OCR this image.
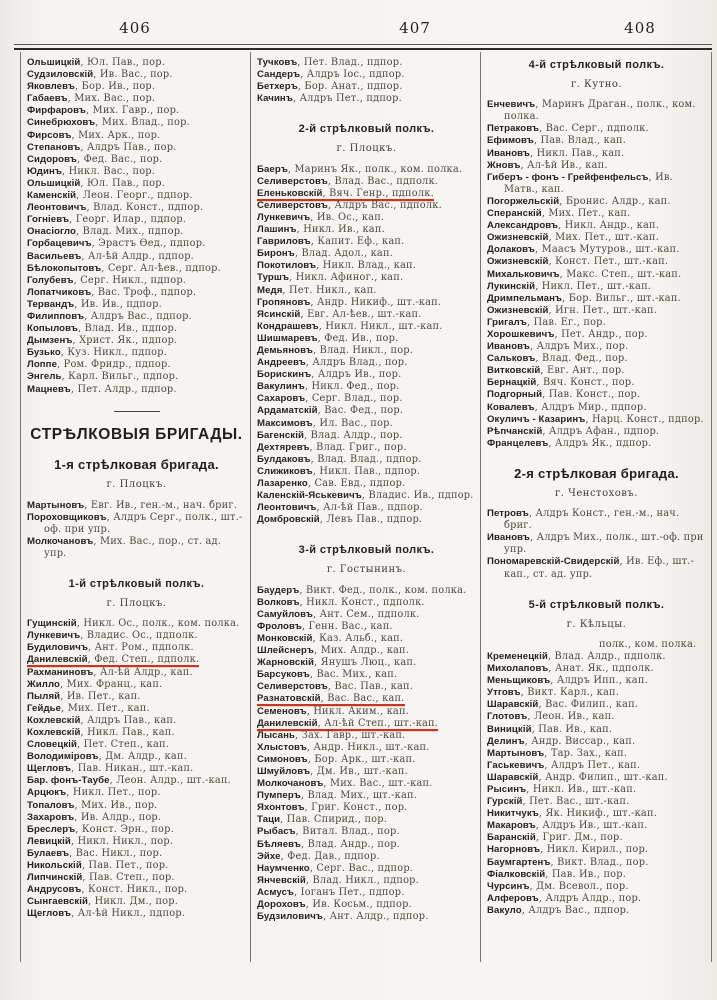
406	407	408
Ольшицкій, Юл. Пав., пор.
Судзиловскій, Ив. Вас., пор.
Яковлевъ, Бор. Ив., пор.
Габаевъ, Мих. Вас., пор.
Фирфаровъ, Мих. Гавр., пор.
Синебрюховъ, Мих. Влад., пор.
Фирсовъ, Мих. Арк., пор.
Степановъ, Алдръ Пав., пор.
Сидоровъ, Фед. Вас., пор.
Юдинъ, Никл. Вас., пор.
Ольшицкій, Юл. Пав., пор.
Каменскій, Леон. Георг., пдпор.
Леонтовичъ, Влад. Конст., пдпор.
Гогніевъ, Георг. Илар., пдпор.
Онасіогло, Влад. Мих., пдпор.
Горбацевичъ, Эрастъ Ѳед., пдпор.
Васильевъ, Ал-ѣй Алдр., пдпор.
Бѣлокопытовъ, Серг. Ал-ѣев., пдпор.
Голубевъ, Серг. Никл., пдпор.
Лопатчиковъ, Вас. Троф., пдпор.
Тервандъ, Ив. Ив., пдпор.
Филипповъ, Алдръ Вас., пдпор.
Копыловъ, Влад. Ив., пдпор.
Дымзенъ, Христ. Як., пдпор.
Бузько, Куз. Никл., пдпор.
Лоппе, Ром. Фридр., пдпор.
Энгель, Карл. Вильг., пдпор.
Мацневъ, Пет. Алдр., пдпор.
СТРѢЛКОВЫЯ БРИГАДЫ.
1-я стрѣлковая бригада.
г. Плоцкъ.
Мартыновъ, Евг. Ив., ген.-м., нач. бриг.
Пороховщиковъ, Алдръ Серг., полк., шт.-оф. при упр.
Молкочановъ, Мих. Вас., пор., ст. ад. упр.
1-й стрѣлковый полкъ.
г. Плоцкъ.
Гущинскій, Никл. Ос., полк., ком. полка.
Лункевичъ, Владис. Ос., пдполк.
Будиловичъ, Ант. Ром., пдполк.
Данилевскій, Фед. Степ., пдполк.
Рахманиновъ, Ал-ѣй Алдр., кап.
Жилло, Мих. Франц., кап.
Пыляй, Ив. Пет., кап.
Гейдье, Мих. Пет., кап.
Кохлевскій, Алдръ Пав., кап.
Кохлевскій, Никл. Пав., кап.
Словецкій, Пет. Степ., кап.
Володиміровъ, Дм. Алдр., кап.
Щегловъ, Пав. Никан., шт.-кап.
Бар. фонъ-Таубе, Леон. Алдр., шт.-кап.
Арцюкъ, Никл. Пет., пор.
Топаловъ, Мих. Ив., пор.
Захаровъ, Ив. Алдр., пор.
Бреслеръ, Конст. Эрн., пор.
Левицкій, Никл. Никл., пор.
Булаевъ, Вас. Никл., пор.
Никольскій, Пав. Пет., пор.
Липчинскій, Пав. Степ., пор.
Андрусовъ, Конст. Никл., пор.
Сынгаевскій, Никл. Дм., пор.
Щегловъ, Ал-ѣй Никл., пдпор.
Тучковъ, Пет. Влад., пдпор.
Сандеръ, Алдръ Іос., пдпор.
Бетхеръ, Бор. Анат., пдпор.
Качинъ, Алдръ Пет., пдпор.
2-й стрѣлковый полкъ.
г. Плоцкъ.
Баеръ, Маринъ Як., полк., ком. полка.
Селиверстовъ, Влад. Вас., пдполк.
Еленьковскій, Вяч. Генр., пдполк.
Селиверстовъ, Алдръ Вас., пдполк.
Лункевичъ, Ив. Ос., кап.
Лашинъ, Никл. Ив., кап.
Гавриловъ, Капит. Еф., кап.
Биронъ, Влад. Адол., кап.
Покотиловъ, Никл. Влад., кап.
Туршъ, Никл. Афиног., кап.
Медя, Пет. Никл., кап.
Гропяновъ, Андр. Никиф., шт.-кап.
Ясинскій, Евг. Ал-ѣев., шт.-кап.
Кондрашевъ, Никл. Никл., шт.-кап.
Шишмаревъ, Фед. Ив., пор.
Демьяновъ, Влад. Никл., пор.
Андреевъ, Алдръ Влад., пор.
Борискинъ, Алдръ Ив., пор.
Вакулинъ, Никл. Фед., пор.
Сахаровъ, Серг. Влад., пор.
Ардаматскій, Вас. Фед., пор.
Максимовъ, Ил. Вас., пор.
Багенскій, Влад. Алдр., пор.
Дехтяревъ, Влад. Григ., пор.
Булдаковъ, Влад. Влад., пдпор.
Слижиковъ, Никл. Пав., пдпор.
Лазаренко, Сав. Евд., пдпор.
Каленскій-Яськевичъ, Владис. Ив., пдпор.
Леонтовичъ, Ал-ѣй Пав., пдпор.
Домбровскій, Левъ Пав., пдпор.
3-й стрѣлковый полкъ.
г. Гостынинъ.
Баудеръ, Викт. Фед., полк., ком. полка.
Волковъ, Никл. Конст., пдполк.
Самуйловъ, Ант. Сем., пдполк.
Фроловъ, Генн. Вас., кап.
Монковскій, Каз. Альб., кап.
Шлейснеръ, Мих. Алдр., кап.
Жарновскій, Янушъ Люц., кап.
Барсуковъ, Вас. Мих., кап.
Селиверстовъ, Вас. Пав., кап.
Разнатовскій, Вас. Вас., кап.
Семеновъ, Никл. Аким., кап.
Данилевскій, Ал-ѣй Степ., шт.-кап.
Лысань, Зах. Гавр., шт.-кап.
Хлыстовъ, Андр. Никл., шт.-кап.
Симоновъ, Бор. Арк., шт.-кап.
Шмуйловъ, Дм. Ив., шт.-кап.
Молкочановъ, Мих. Вас., шт.-кап.
Пумперъ, Влад. Мих., шт.-кап.
Яхонтовъ, Григ. Конст., пор.
Таци, Пав. Спирид., пор.
Рыбасъ, Витал. Влад., пор.
Бѣляевъ, Влад. Андр., пор.
Эйхе, Фед. Дав., пдпор.
Наумченко, Серг. Вас., пдпор.
Янчевскій, Влад. Никл., пдпор.
Асмусъ, Іоганъ Пет., пдпор.
Дороховъ, Ив. Косьм., пдпор.
Будзиловичъ, Ант. Алдр., пдпор.
4-й стрѣлковый полкъ.
г. Кутно.
Енчевичъ, Маринъ Драган., полк., ком. полка.
Петраковъ, Вас. Серг., пдполк.
Ефимовъ, Пав. Влад., кап.
Ивановъ, Никл. Пав., кап.
Жновъ, Ал-ѣй Ив., кап.
Гиберъ - фонъ - Грейфенфельсъ, Ив. Матв., кап.
Погоржельскій, Бронис. Алдр., кап.
Сперанскій, Мих. Пет., кап.
Александровъ, Никл. Андр., кап.
Ожизневскій, Мих. Пет., шт.-кап.
Долаковъ, Маасъ Мутуров., шт.-кап.
Ожизневскій, Конст. Пет., шт.-кап.
Михальковичъ, Макс. Степ., шт.-кап.
Лукинскій, Никл. Пет., шт.-кап.
Дримпельманъ, Бор. Вильг., шт.-кап.
Ожизневскій, Игн. Пет., шт.-кап.
Григалъ, Пав. Ег., пор.
Хорошкевичъ, Пет. Андр., пор.
Ивановъ, Алдръ Мих., пор.
Сальковъ, Влад. Фед., пор.
Витковскій, Евг. Ант., пор.
Бернацкій, Вяч. Конст., пор.
Подгорный, Пав. Конст., пор.
Ковалевъ, Алдръ Мир., пдпор.
Окуличъ - Казаринъ, Нарц. Конст., пдпор.
Рѣпчанскій, Алдръ Афан., пдпор.
Францелевъ, Алдръ Як., пдпор.
2-я стрѣлковая бригада.
г. Ченстоховъ.
Петровъ, Алдръ Конст., ген.-м., нач. бриг.
Ивановъ, Алдръ Мих., полк., шт.-оф. при упр.
Пономаревскій-Свидерскій, Ив. Еф., шт.-кап., ст. ад. упр.
5-й стрѣлковый полкъ.
г. Кѣльцы.
полк., ком. полка.
Кременецкій, Влад. Алдр., пдполк.
Михолаповъ, Анат. Як., пдполк.
Меньщиковъ, Алдръ Ипп., кап.
Утговъ, Викт. Карл., кап.
Шаравскій, Вас. Филип., кап.
Глотовъ, Леон. Ив., кап.
Виницкій, Пав. Ив., кап.
Делинъ, Андр. Виссар., кап.
Мартыновъ, Тар. Зах., кап.
Гаськевичъ, Алдръ Пет., кап.
Шаравскій, Андр. Филип., шт.-кап.
Рысинъ, Никл. Ив., шт.-кап.
Гурскій, Пет. Вас., шт.-кап.
Никитчукъ, Як. Никиф., шт.-кап.
Макаровъ, Алдръ Ив., шт.-кап.
Баранскій, Григ. Дм., пор.
Нагорновъ, Никл. Кирил., пор.
Баумгартенъ, Викт. Влад., пор.
Фіалковскій, Пав. Ив., пор.
Чурсинъ, Дм. Всевол., пор.
Алферовъ, Алдръ Алдр., пор.
Вакуло, Алдръ Вас., пдпор.
